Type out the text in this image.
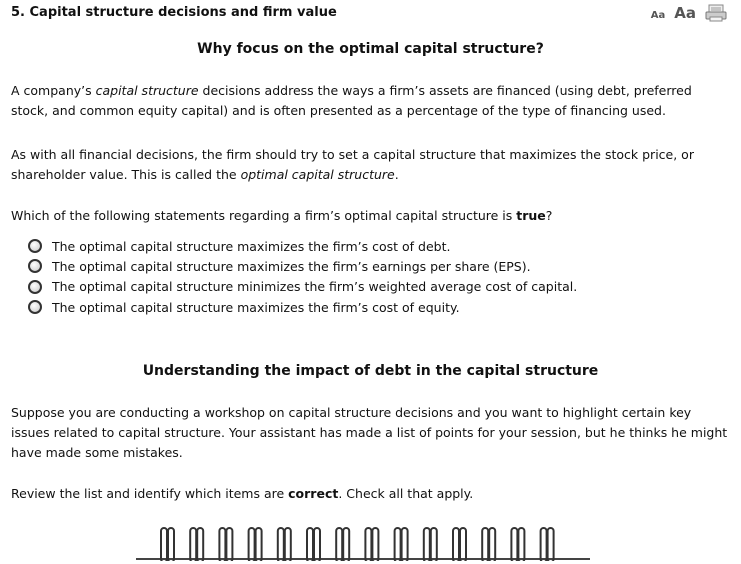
5. Capital structure decisions and firm value	Aa Aa
Why focus on the optimal capital structure?
A company’s capital structure decisions address the ways a firm’s assets are financed (using debt, preferred stock, and common equity capital) and is often presented as a percentage of the type of financing used.
As with all financial decisions, the firm should try to set a capital structure that maximizes the stock price, or shareholder value. This is called the optimal capital structure.
Which of the following statements regarding a firm’s optimal capital structure is true?
The optimal capital structure maximizes the firm’s cost of debt.
The optimal capital structure maximizes the firm’s earnings per share (EPS).
The optimal capital structure minimizes the firm’s weighted average cost of capital.
The optimal capital structure maximizes the firm’s cost of equity.
Understanding the impact of debt in the capital structure
Suppose you are conducting a workshop on capital structure decisions and you want to highlight certain key issues related to capital structure. Your assistant has made a list of points for your session, but he thinks he might have made some mistakes.
Review the list and identify which items are correct. Check all that apply.
